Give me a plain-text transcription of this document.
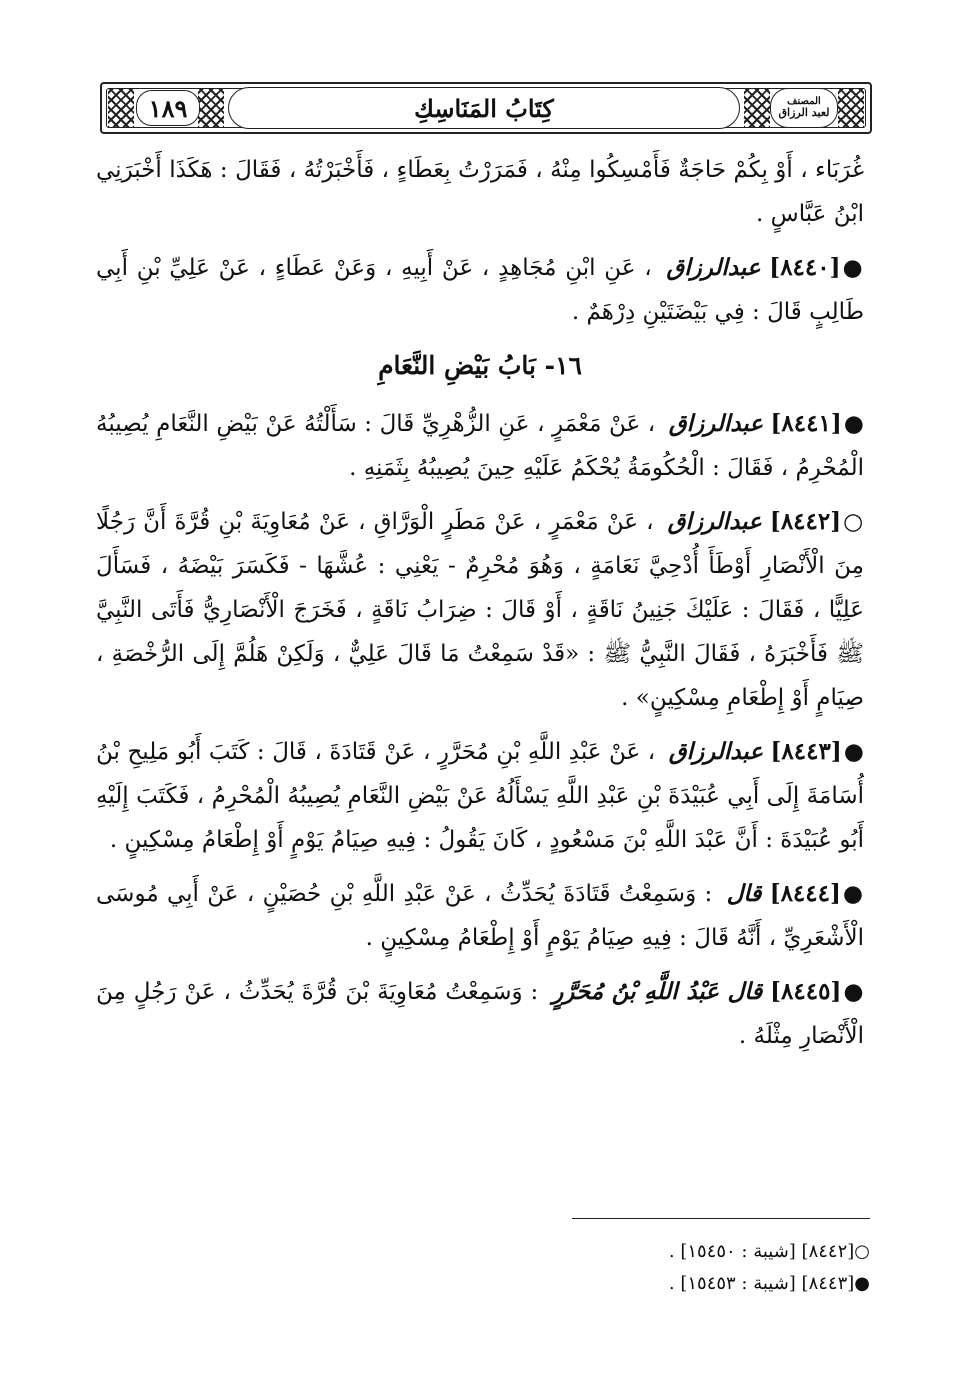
١٨٩	كِتَابُ المَنَاسِكِ	المصنف
لعبد الرزاق

غُرَبَاء ، أَوْ بِكُمْ حَاجَةٌ فَأَمْسِكُوا مِنْهُ ، فَمَرَرْتُ بِعَطَاءٍ ، فَأَخْبَرْتُهُ ، فَقَالَ : هَكَذَا أَخْبَرَنِي ابْنُ عَبَّاسٍ .

●[٨٤٤٠] عبدالرزاق ، عَنِ ابْنِ مُجَاهِدٍ ، عَنْ أَبِيهِ ، وَعَنْ عَطَاءٍ ، عَنْ عَلِيِّ بْنِ أَبِي طَالِبٍ قَالَ : فِي بَيْضَتَيْنِ دِرْهَمٌ .

١٦- بَابُ بَيْضِ النَّعَامِ

●[٨٤٤١] عبدالرزاق ، عَنْ مَعْمَرٍ ، عَنِ الزُّهْرِيِّ قَالَ : سَأَلْتُهُ عَنْ بَيْضِ النَّعَامِ يُصِيبُهُ الْمُحْرِمُ ، فَقَالَ : الْحُكُومَةُ يُحْكَمُ عَلَيْهِ حِينَ يُصِيبُهُ بِثَمَنِهِ .

○[٨٤٤٢] عبدالرزاق ، عَنْ مَعْمَرٍ ، عَنْ مَطَرٍ الْوَرَّاقِ ، عَنْ مُعَاوِيَةَ بْنِ قُرَّةَ أَنَّ رَجُلًا مِنَ الْأَنْصَارِ أَوْطَأَ أُدْحِيَّ نَعَامَةٍ ، وَهُوَ مُحْرِمٌ - يَعْنِي : عُشَّهَا - فَكَسَرَ بَيْضَهُ ، فَسَأَلَ عَلِيًّا ، فَقَالَ : عَلَيْكَ جَنِينُ نَاقَةٍ ، أَوْ قَالَ : ضِرَابُ نَاقَةٍ ، فَخَرَجَ الْأَنْصَارِيُّ فَأَتَى النَّبِيَّ ﷺ فَأَخْبَرَهُ ، فَقَالَ النَّبِيُّ ﷺ : «قَدْ سَمِعْتُ مَا قَالَ عَلِيٌّ ، وَلَكِنْ هَلُمَّ إِلَى الرُّخْصَةِ ، صِيَامٍ أَوْ إِطْعَامِ مِسْكِينٍ» .

●[٨٤٤٣] عبدالرزاق ، عَنْ عَبْدِ اللَّهِ بْنِ مُحَرَّرٍ ، عَنْ قَتَادَةَ ، قَالَ : كَتَبَ أَبُو مَلِيحِ بْنُ أُسَامَةَ إِلَى أَبِي عُبَيْدَةَ بْنِ عَبْدِ اللَّهِ يَسْأَلُهُ عَنْ بَيْضِ النَّعَامِ يُصِيبُهُ الْمُحْرِمُ ، فَكَتَبَ إِلَيْهِ أَبُو عُبَيْدَةَ : أَنَّ عَبْدَ اللَّهِ بْنَ مَسْعُودٍ ، كَانَ يَقُولُ : فِيهِ صِيَامُ يَوْمٍ أَوْ إِطْعَامُ مِسْكِينٍ .

●[٨٤٤٤] قال : وَسَمِعْتُ قَتَادَةَ يُحَدِّثُ ، عَنْ عَبْدِ اللَّهِ بْنِ حُصَيْنٍ ، عَنْ أَبِي مُوسَى الْأَشْعَرِيِّ ، أَنَّهُ قَالَ : فِيهِ صِيَامُ يَوْمٍ أَوْ إِطْعَامُ مِسْكِينٍ .

●[٨٤٤٥] قال عَبْدُ اللَّهِ بْنُ مُحَرَّرٍ : وَسَمِعْتُ مُعَاوِيَةَ بْنَ قُرَّةَ يُحَدِّثُ ، عَنْ رَجُلٍ مِنَ الْأَنْصَارِ مِثْلَهُ .

○[٨٤٤٢] [شيبة : ١٥٤٥٠] .

●[٨٤٤٣] [شيبة : ١٥٤٥٣] .
